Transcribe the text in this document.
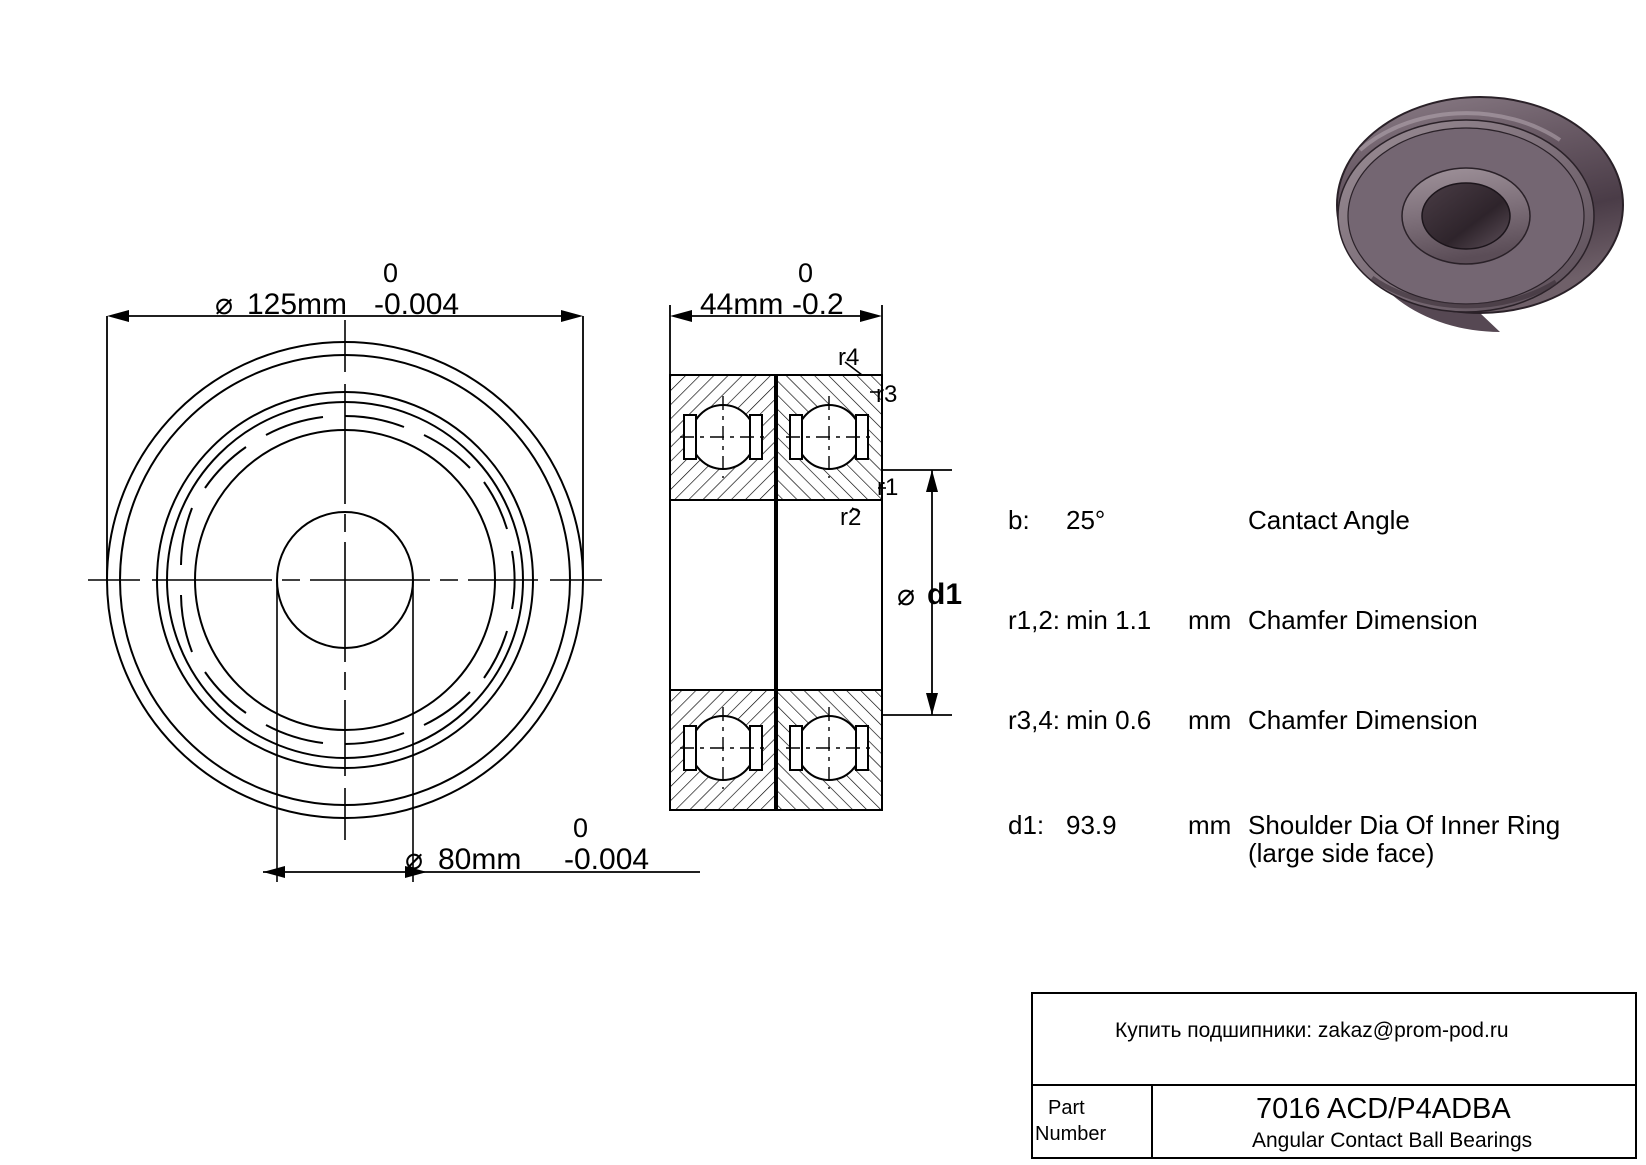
0
⌀ 125mm -0.004
0
⌀ 80mm -0.004
0
44mm -0.2
r4
r3
r1
r2
⌀ d1
b: 25°	Cantact Angle
r1,2: min 1.1 mm Chamfer Dimension
r3,4: min 0.6 mm Chamfer Dimension
d1: 93.9	mm Shoulder Dia Of Inner Ring
(large side face)
Купить подшипники: zakaz@prom-pod.ru
Part
Number
7016 ACD/P4ADBA
Angular Contact Ball Bearings
